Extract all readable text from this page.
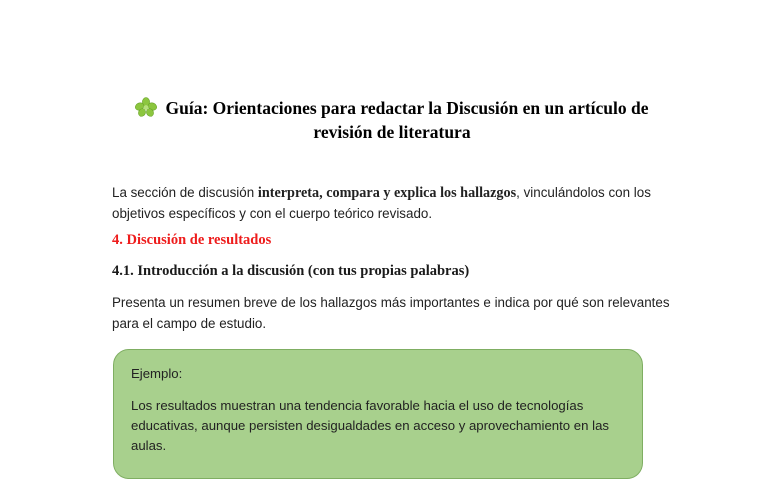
Guía: Orientaciones para redactar la Discusión en un artículo de
revisión de literatura
La sección de discusión interpreta, compara y explica los hallazgos, vinculándolos con los objetivos específicos y con el cuerpo teórico revisado.
4. Discusión de resultados
4.1. Introducción a la discusión (con tus propias palabras)
Presenta un resumen breve de los hallazgos más importantes e indica por qué son relevantes para el campo de estudio.
Ejemplo:
Los resultados muestran una tendencia favorable hacia el uso de tecnologías educativas, aunque persisten desigualdades en acceso y aprovechamiento en las aulas.
